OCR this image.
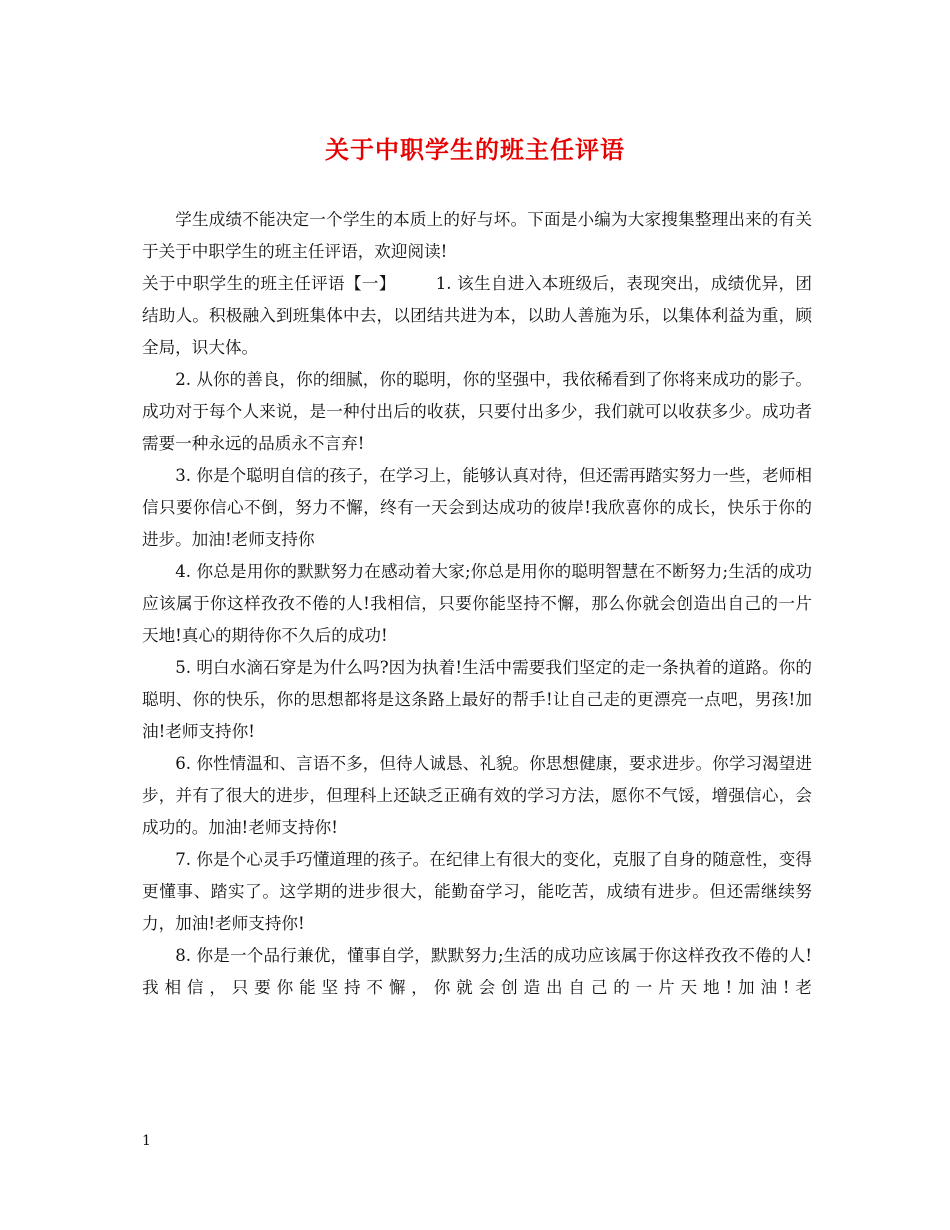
关于中职学生的班主任评语

学生成绩不能决定一个学生的本质上的好与坏。下面是小编为大家搜集整理出来的有关于关于中职学生的班主任评语，欢迎阅读!

关于中职学生的班主任评语【一】 1. 该生自进入本班级后，表现突出，成绩优异，团结助人。积极融入到班集体中去，以团结共进为本，以助人善施为乐，以集体利益为重，顾全局，识大体。

2. 从你的善良，你的细腻，你的聪明，你的坚强中，我依稀看到了你将来成功的影子。成功对于每个人来说，是一种付出后的收获，只要付出多少，我们就可以收获多少。成功者需要一种永远的品质永不言弃!

3. 你是个聪明自信的孩子，在学习上，能够认真对待，但还需再踏实努力一些，老师相信只要你信心不倒，努力不懈，终有一天会到达成功的彼岸!我欣喜你的成长，快乐于你的进步。加油!老师支持你

4. 你总是用你的默默努力在感动着大家;你总是用你的聪明智慧在不断努力;生活的成功应该属于你这样孜孜不倦的人!我相信，只要你能坚持不懈，那么你就会创造出自己的一片天地!真心的期待你不久后的成功!

5. 明白水滴石穿是为什么吗?因为执着!生活中需要我们坚定的走一条执着的道路。你的聪明、你的快乐，你的思想都将是这条路上最好的帮手!让自己走的更漂亮一点吧，男孩!加油!老师支持你!

6. 你性情温和、言语不多，但待人诚恳、礼貌。你思想健康，要求进步。你学习渴望进步，并有了很大的进步，但理科上还缺乏正确有效的学习方法，愿你不气馁，增强信心，会成功的。加油!老师支持你!

7. 你是个心灵手巧懂道理的孩子。在纪律上有很大的变化，克服了自身的随意性，变得更懂事、踏实了。这学期的进步很大，能勤奋学习，能吃苦，成绩有进步。但还需继续努力，加油!老师支持你!

8. 你是一个品行兼优，懂事自学，默默努力;生活的成功应该属于你这样孜孜不倦的人!我相信，只要你能坚持不懈，你就会创造出自己的一片天地!加油!老

1
